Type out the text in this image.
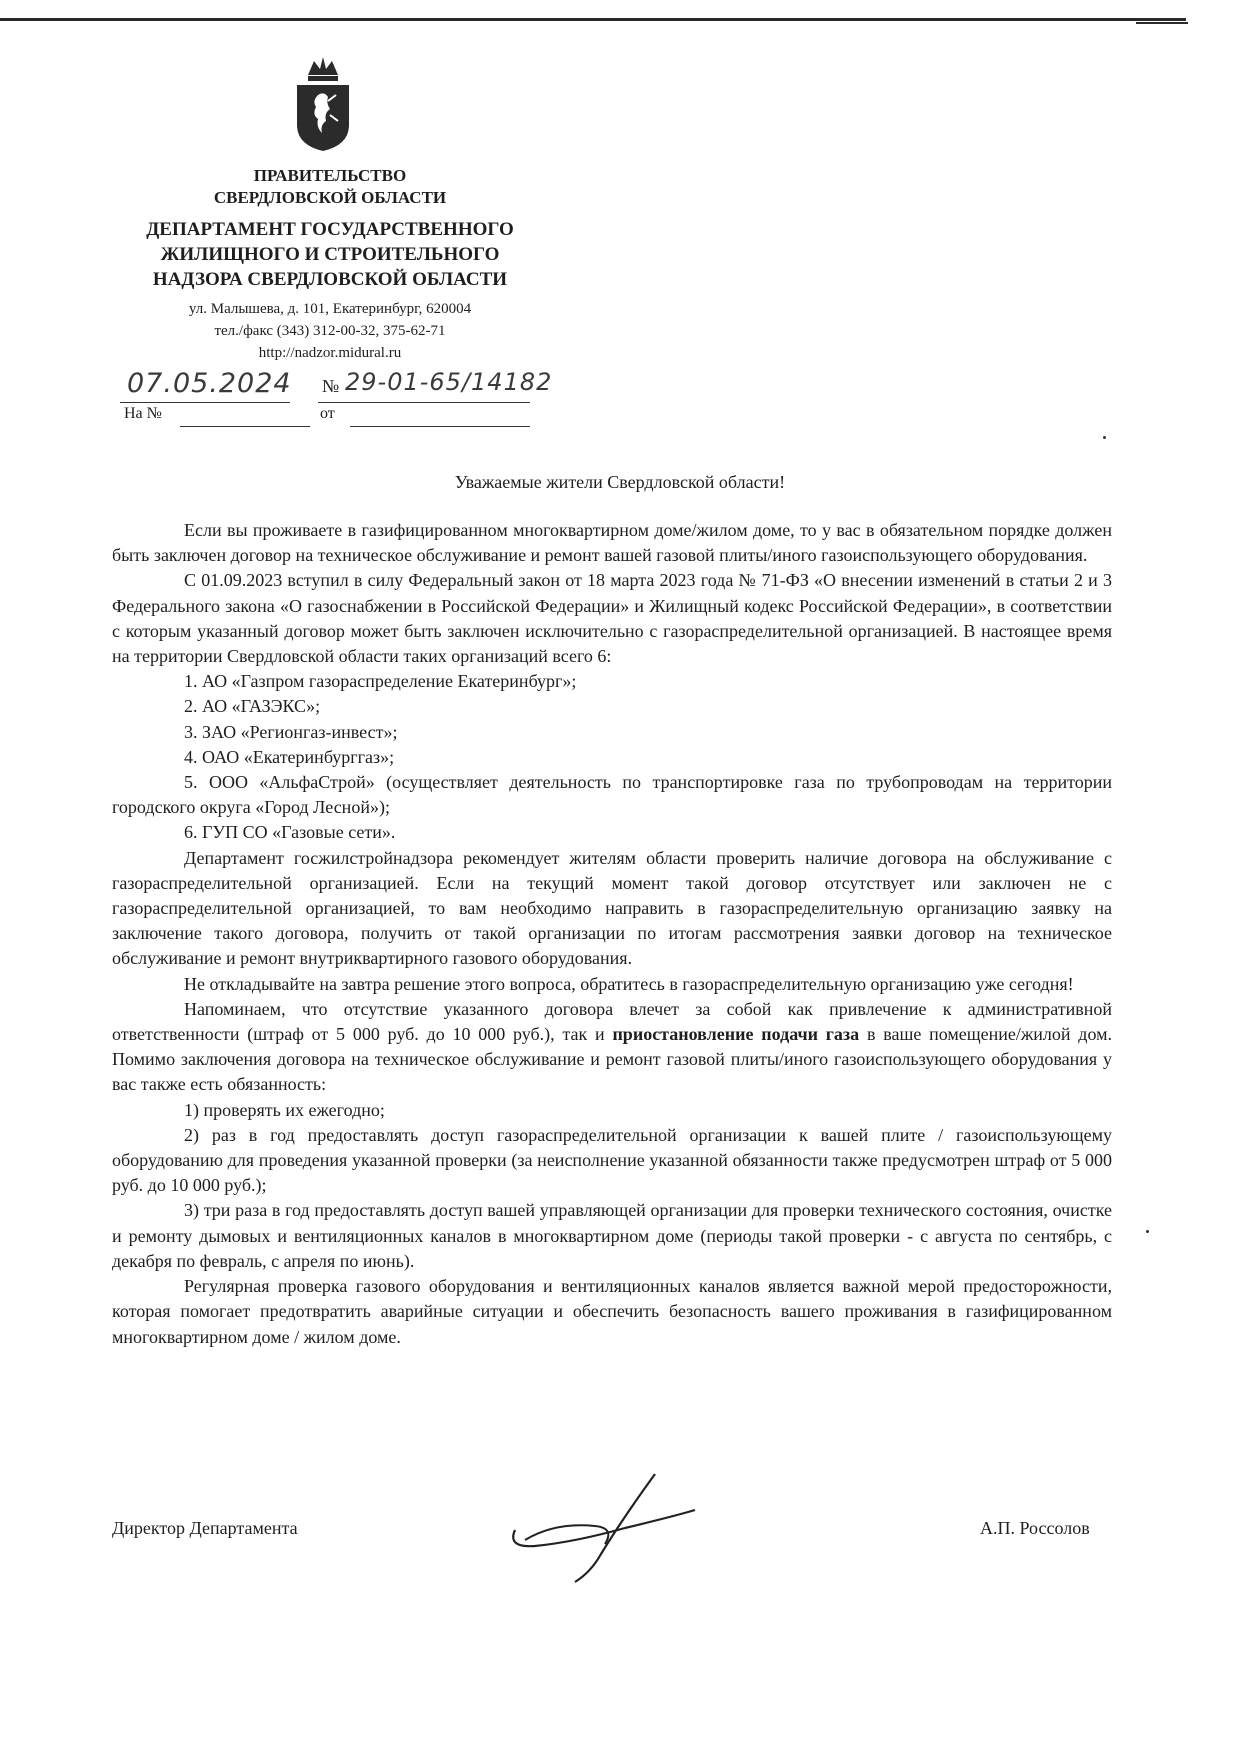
ПРАВИТЕЛЬСТВО
СВЕРДЛОВСКОЙ ОБЛАСТИ
ДЕПАРТАМЕНТ ГОСУДАРСТВЕННОГО
ЖИЛИЩНОГО И СТРОИТЕЛЬНОГО
НАДЗОРА СВЕРДЛОВСКОЙ ОБЛАСТИ
ул. Малышева, д. 101, Екатеринбург, 620004
тел./факс (343) 312-00-32, 375-62-71
http://nadzor.midural.ru
07.05.2024 № 29-01-65/14182
На №	от
Уважаемые жители Свердловской области!

Если вы проживаете в газифицированном многоквартирном доме/жилом доме, то у вас в обязательном порядке должен быть заключен договор на техническое обслуживание и ремонт вашей газовой плиты/иного газоиспользующего оборудования.

С 01.09.2023 вступил в силу Федеральный закон от 18 марта 2023 года № 71-ФЗ «О внесении изменений в статьи 2 и 3 Федерального закона «О газоснабжении в Российской Федерации» и Жилищный кодекс Российской Федерации», в соответствии с которым указанный договор может быть заключен исключительно с газораспределительной организацией. В настоящее время на территории Свердловской области таких организаций всего 6:

1. АО «Газпром газораспределение Екатеринбург»;

2. АО «ГАЗЭКС»;

3. ЗАО «Регионгаз-инвест»;

4. ОАО «Екатеринбурггаз»;

5. ООО «АльфаСтрой» (осуществляет деятельность по транспортировке газа по трубопроводам на территории городского округа «Город Лесной»);

6. ГУП СО «Газовые сети».

Департамент госжилстройнадзора рекомендует жителям области проверить наличие договора на обслуживание с газораспределительной организацией. Если на текущий момент такой договор отсутствует или заключен не с газораспределительной организацией, то вам необходимо направить в газораспределительную организацию заявку на заключение такого договора, получить от такой организации по итогам рассмотрения заявки договор на техническое обслуживание и ремонт внутриквартирного газового оборудования.

Не откладывайте на завтра решение этого вопроса, обратитесь в газораспределительную организацию уже сегодня!

Напоминаем, что отсутствие указанного договора влечет за собой как привлечение к административной ответственности (штраф от 5 000 руб. до 10 000 руб.), так и приостановление подачи газа в ваше помещение/жилой дом. Помимо заключения договора на техническое обслуживание и ремонт газовой плиты/иного газоиспользующего оборудования у вас также есть обязанность:

1) проверять их ежегодно;

2) раз в год предоставлять доступ газораспределительной организации к вашей плите / газоиспользующему оборудованию для проведения указанной проверки (за неисполнение указанной обязанности также предусмотрен штраф от 5 000 руб. до 10 000 руб.);

3) три раза в год предоставлять доступ вашей управляющей организации для проверки технического состояния, очистке и ремонту дымовых и вентиляционных каналов в многоквартирном доме (периоды такой проверки - с августа по сентябрь, с декабря по февраль, с апреля по июнь).

Регулярная проверка газового оборудования и вентиляционных каналов является важной мерой предосторожности, которая помогает предотвратить аварийные ситуации и обеспечить безопасность вашего проживания в газифицированном многоквартирном доме / жилом доме.

Директор Департамента	А.П. Россолов
